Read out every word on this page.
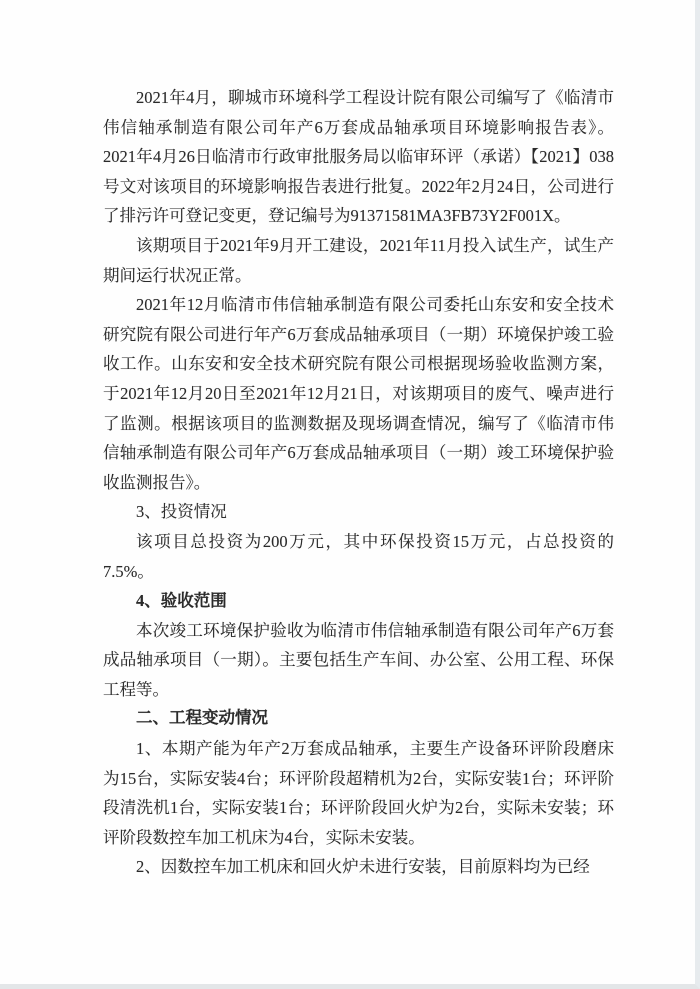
2021年4月，聊城市环境科学工程设计院有限公司编写了《临清市伟信轴承制造有限公司年产6万套成品轴承项目环境影响报告表》。2021年4月26日临清市行政审批服务局以临审环评（承诺）【2021】038号文对该项目的环境影响报告表进行批复。2022年2月24日，公司进行了排污许可登记变更，登记编号为91371581MA3FB73Y2F001X。

该期项目于2021年9月开工建设，2021年11月投入试生产，试生产期间运行状况正常。

2021年12月临清市伟信轴承制造有限公司委托山东安和安全技术研究院有限公司进行年产6万套成品轴承项目（一期）环境保护竣工验收工作。山东安和安全技术研究院有限公司根据现场验收监测方案，于2021年12月20日至2021年12月21日，对该期项目的废气、噪声进行了监测。根据该项目的监测数据及现场调查情况，编写了《临清市伟信轴承制造有限公司年产6万套成品轴承项目（一期）竣工环境保护验收监测报告》。

3、投资情况

该项目总投资为200万元，其中环保投资15万元，占总投资的7.5%。

4、验收范围

本次竣工环境保护验收为临清市伟信轴承制造有限公司年产6万套成品轴承项目（一期）。主要包括生产车间、办公室、公用工程、环保工程等。

二、工程变动情况

1、本期产能为年产2万套成品轴承，主要生产设备环评阶段磨床为15台，实际安装4台；环评阶段超精机为2台，实际安装1台；环评阶段清洗机1台，实际安装1台；环评阶段回火炉为2台，实际未安装；环评阶段数控车加工机床为4台，实际未安装。

2、因数控车加工机床和回火炉未进行安装，目前原料均为已经
